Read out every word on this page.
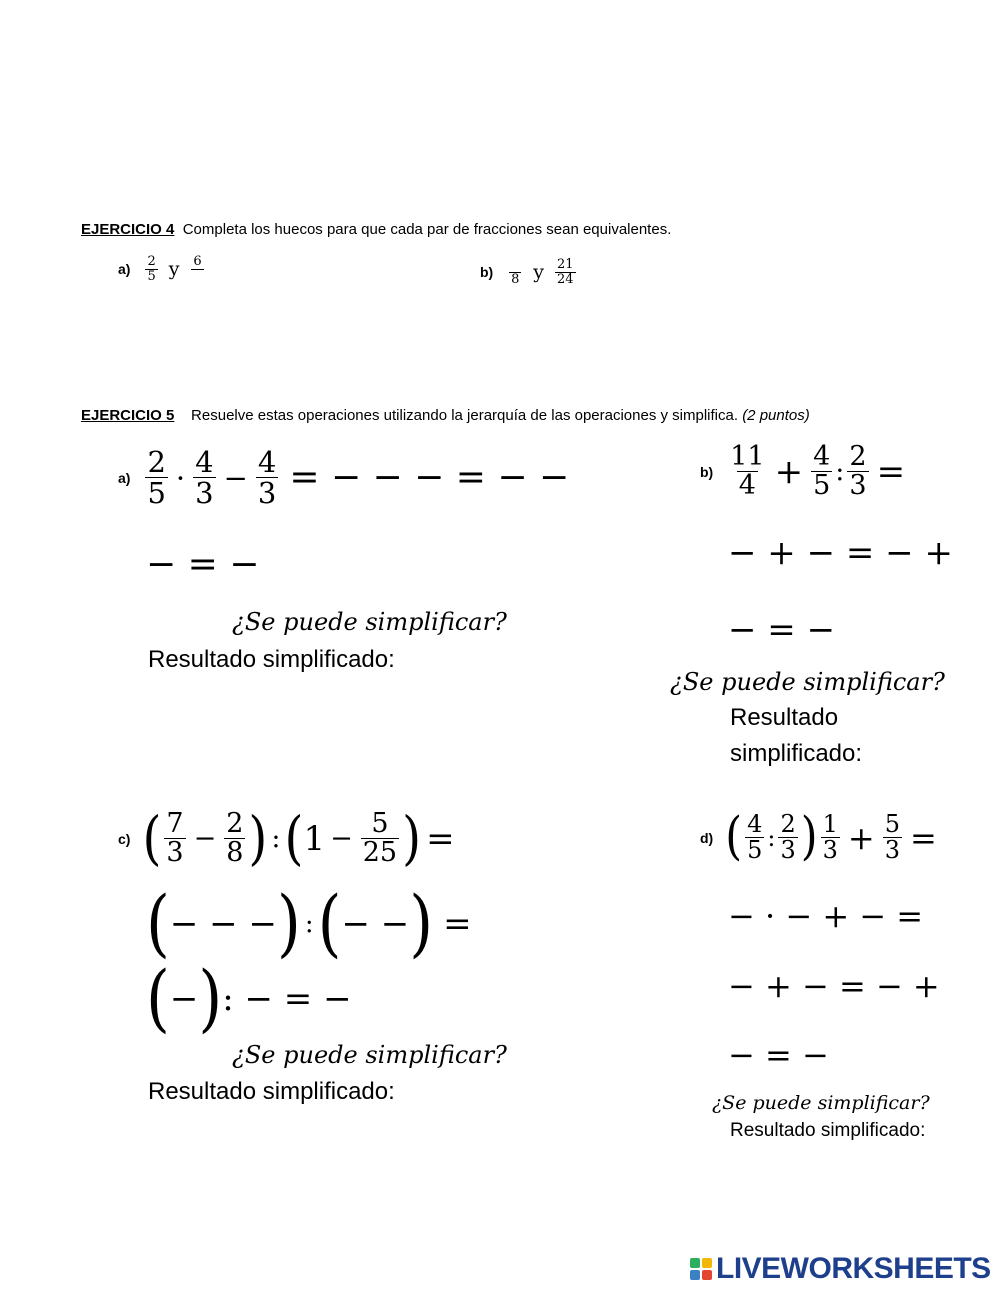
EJERCICIO 4 Completa los huecos para que cada par de fracciones sean equivalentes.
$a) \frac{2}{5}$ y 6
b) 8 y $\frac{21}{24}$
EJERCICIO 5 Resuelve estas operaciones utilizando la jerarquía de las operaciones y simplifica. (2 puntos)
$a) \frac{2}{5} \cdot \frac{4}{3} - \frac{4}{3}$ = − − − = − −
− = −
¿Se puede simplificar?
Resultado simplificado:
$b) \frac{11}{4} + \frac{4}{5}$ : $\frac{2}{3}$ =
− + − = − +
− = −
¿Se puede simplificar?
Resultado
simplificado:
c) ( $\frac{7}{3} - \frac{2}{8}$ ) : ( $1 - \frac{5}{25}$ ) =
( − − − ) : ( − − ) =
( − ) : − = −
¿Se puede simplificar?
Resultado simplificado:
d) ( $\frac{4}{5}$ : $\frac{2}{3}$ ) $\frac{1}{3} + \frac{5}{3}$ =
− · − + − =
− + − = − +
− = −
¿Se puede simplificar?
Resultado simplificado:
LIVEWORKSHEETS
